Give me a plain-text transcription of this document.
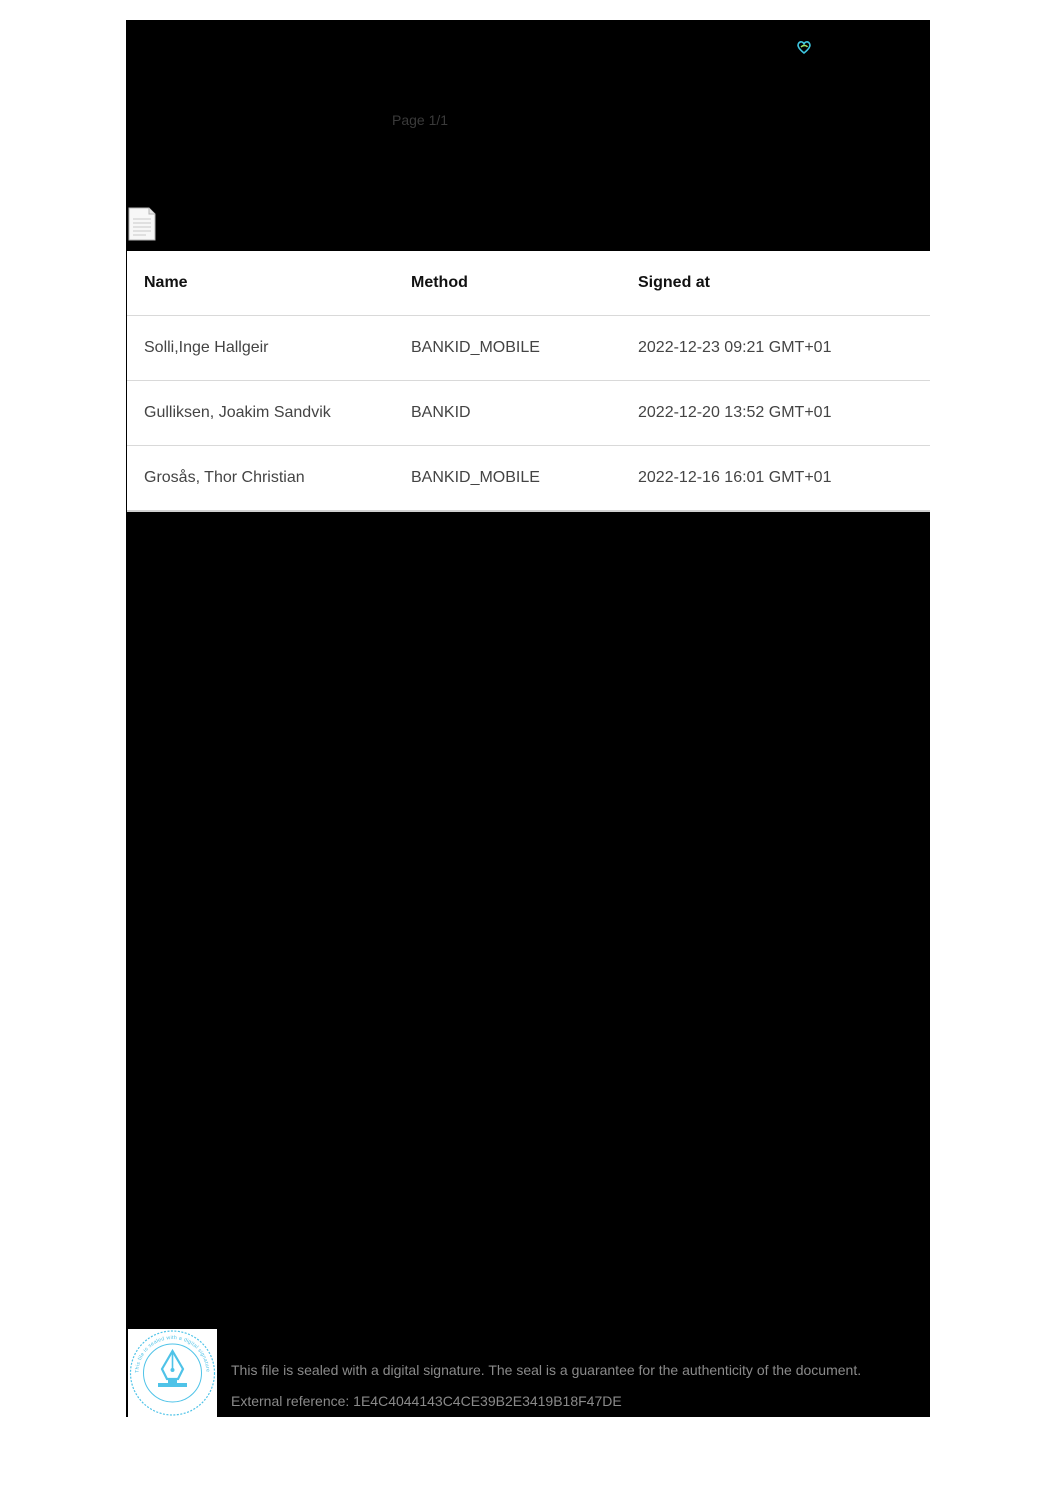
Page 1/1
Name	Method	Signed at
Solli,Inge Hallgeir	BANKID_MOBILE	2022-12-23 09:21 GMT+01
Gulliksen, Joakim Sandvik	BANKID	2022-12-20 13:52 GMT+01
Grosås, Thor Christian	BANKID_MOBILE	2022-12-16 16:01 GMT+01
This file is sealed with a digital signature This file is sealed with a digital signature. The seal is a guarantee for the authenticity of the document.
External reference: 1E4C4044143C4CE39B2E3419B18F47DE
